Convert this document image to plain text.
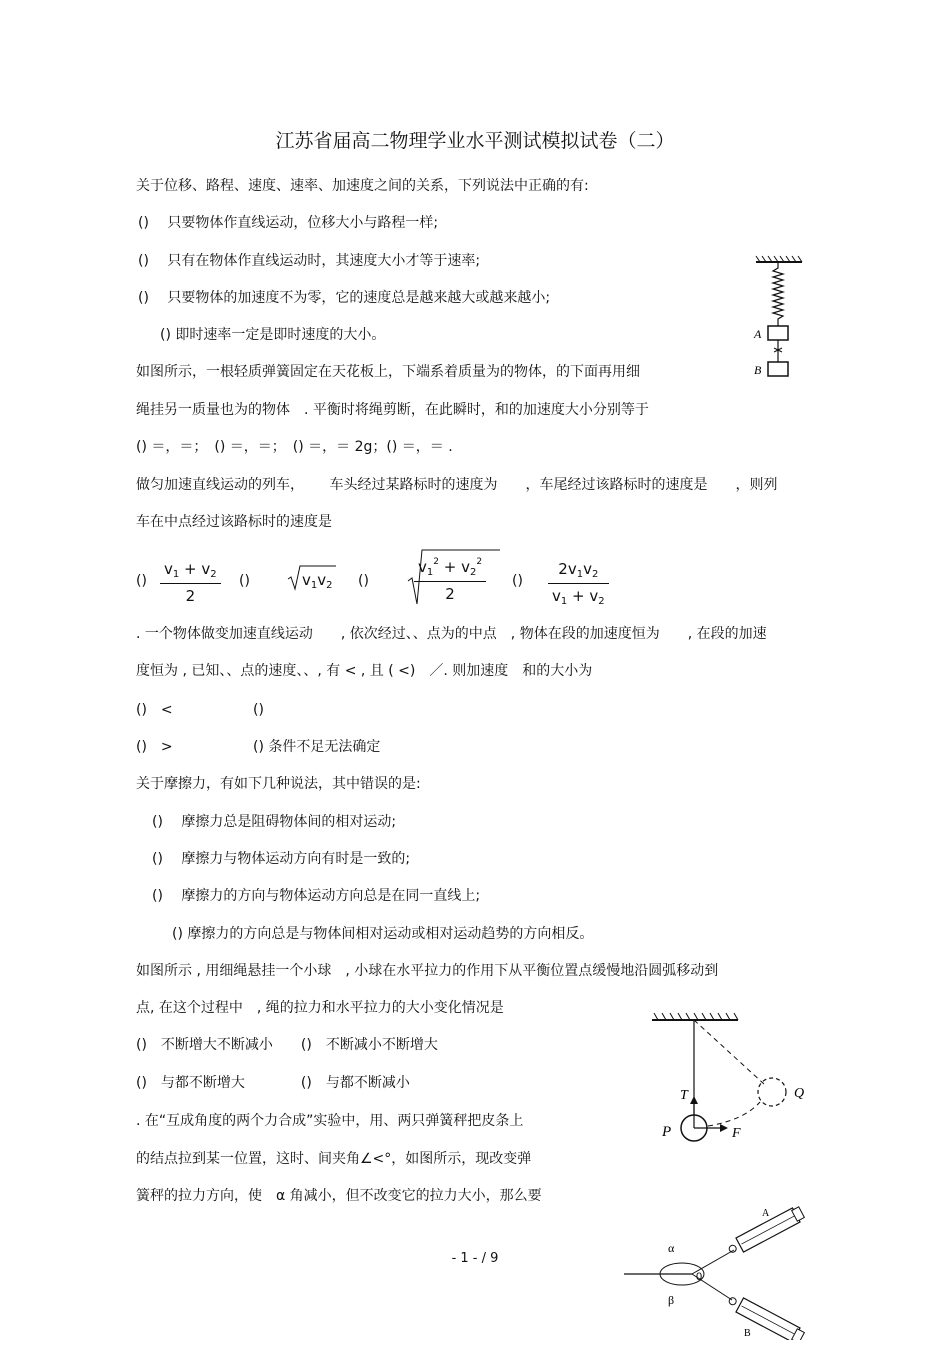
江苏省届高二物理学业水平测试模拟试卷（二）
关于位移、路程、速度、速率、加速度之间的关系，下列说法中正确的有:
()　 只要物体作直线运动，位移大小与路程一样;
()　 只有在物体作直线运动时，其速度大小才等于速率;
()　 只要物体的加速度不为零，它的速度总是越来越大或越来越小;
() 即时速率一定是即时速度的大小。
如图所示，一根轻质弹簧固定在天花板上，下端系着质量为的物体，的下面再用细
绳挂另一质量也为的物体　. 平衡时将绳剪断，在此瞬时，和的加速度大小分别等于
() ＝，＝；　() ＝，＝；　() ＝，＝ 2g；() ＝，＝ .
A
B
做匀加速直线运动的列车，　　 车头经过某路标时的速度为　　，车尾经过该路标时的速度是　　，则列
车在中点经过该路标时的速度是
() $\frac{v_1 + v_2}{2}$ ()	$v_1v_2$ ()	$\frac{v_1^2 + v_2^2}{2}$ () $\frac{2v_1v_2}{v_1 + v_2}$
. 一个物体做变加速直线运动　　, 依次经过、、点为的中点　, 物体在段的加速度恒为　　, 在段的加速
度恒为 , 已知、、点的速度、、, 有 < , 且 ( <)　／. 则加速度　和的大小为
()　<	()
()　>	() 条件不足无法确定
关于摩擦力，有如下几种说法，其中错误的是:
()　 摩擦力总是阻碍物体间的相对运动;
()　 摩擦力与物体运动方向有时是一致的;
()　 摩擦力的方向与物体运动方向总是在同一直线上;
() 摩擦力的方向总是与物体间相对运动或相对运动趋势的方向相反。
如图所示 , 用细绳悬挂一个小球　, 小球在水平拉力的作用下从平衡位置点缓慢地沿圆弧移动到
点, 在这个过程中　, 绳的拉力和水平拉力的大小变化情况是
()　不断增大不断减小　　()　不断减小不断增大
()　与都不断增大　　　　()　与都不断减小
T	Q
P	F
. 在“互成角度的两个力合成”实验中，用、两只弹簧秤把皮条上
的结点拉到某一位置，这时、间夹角∠<°，如图所示，现改变弹
簧秤的拉力方向，使　α 角减小，但不改变它的拉力大小，那么要
α
β
0
A
B
- 1 - / 9
